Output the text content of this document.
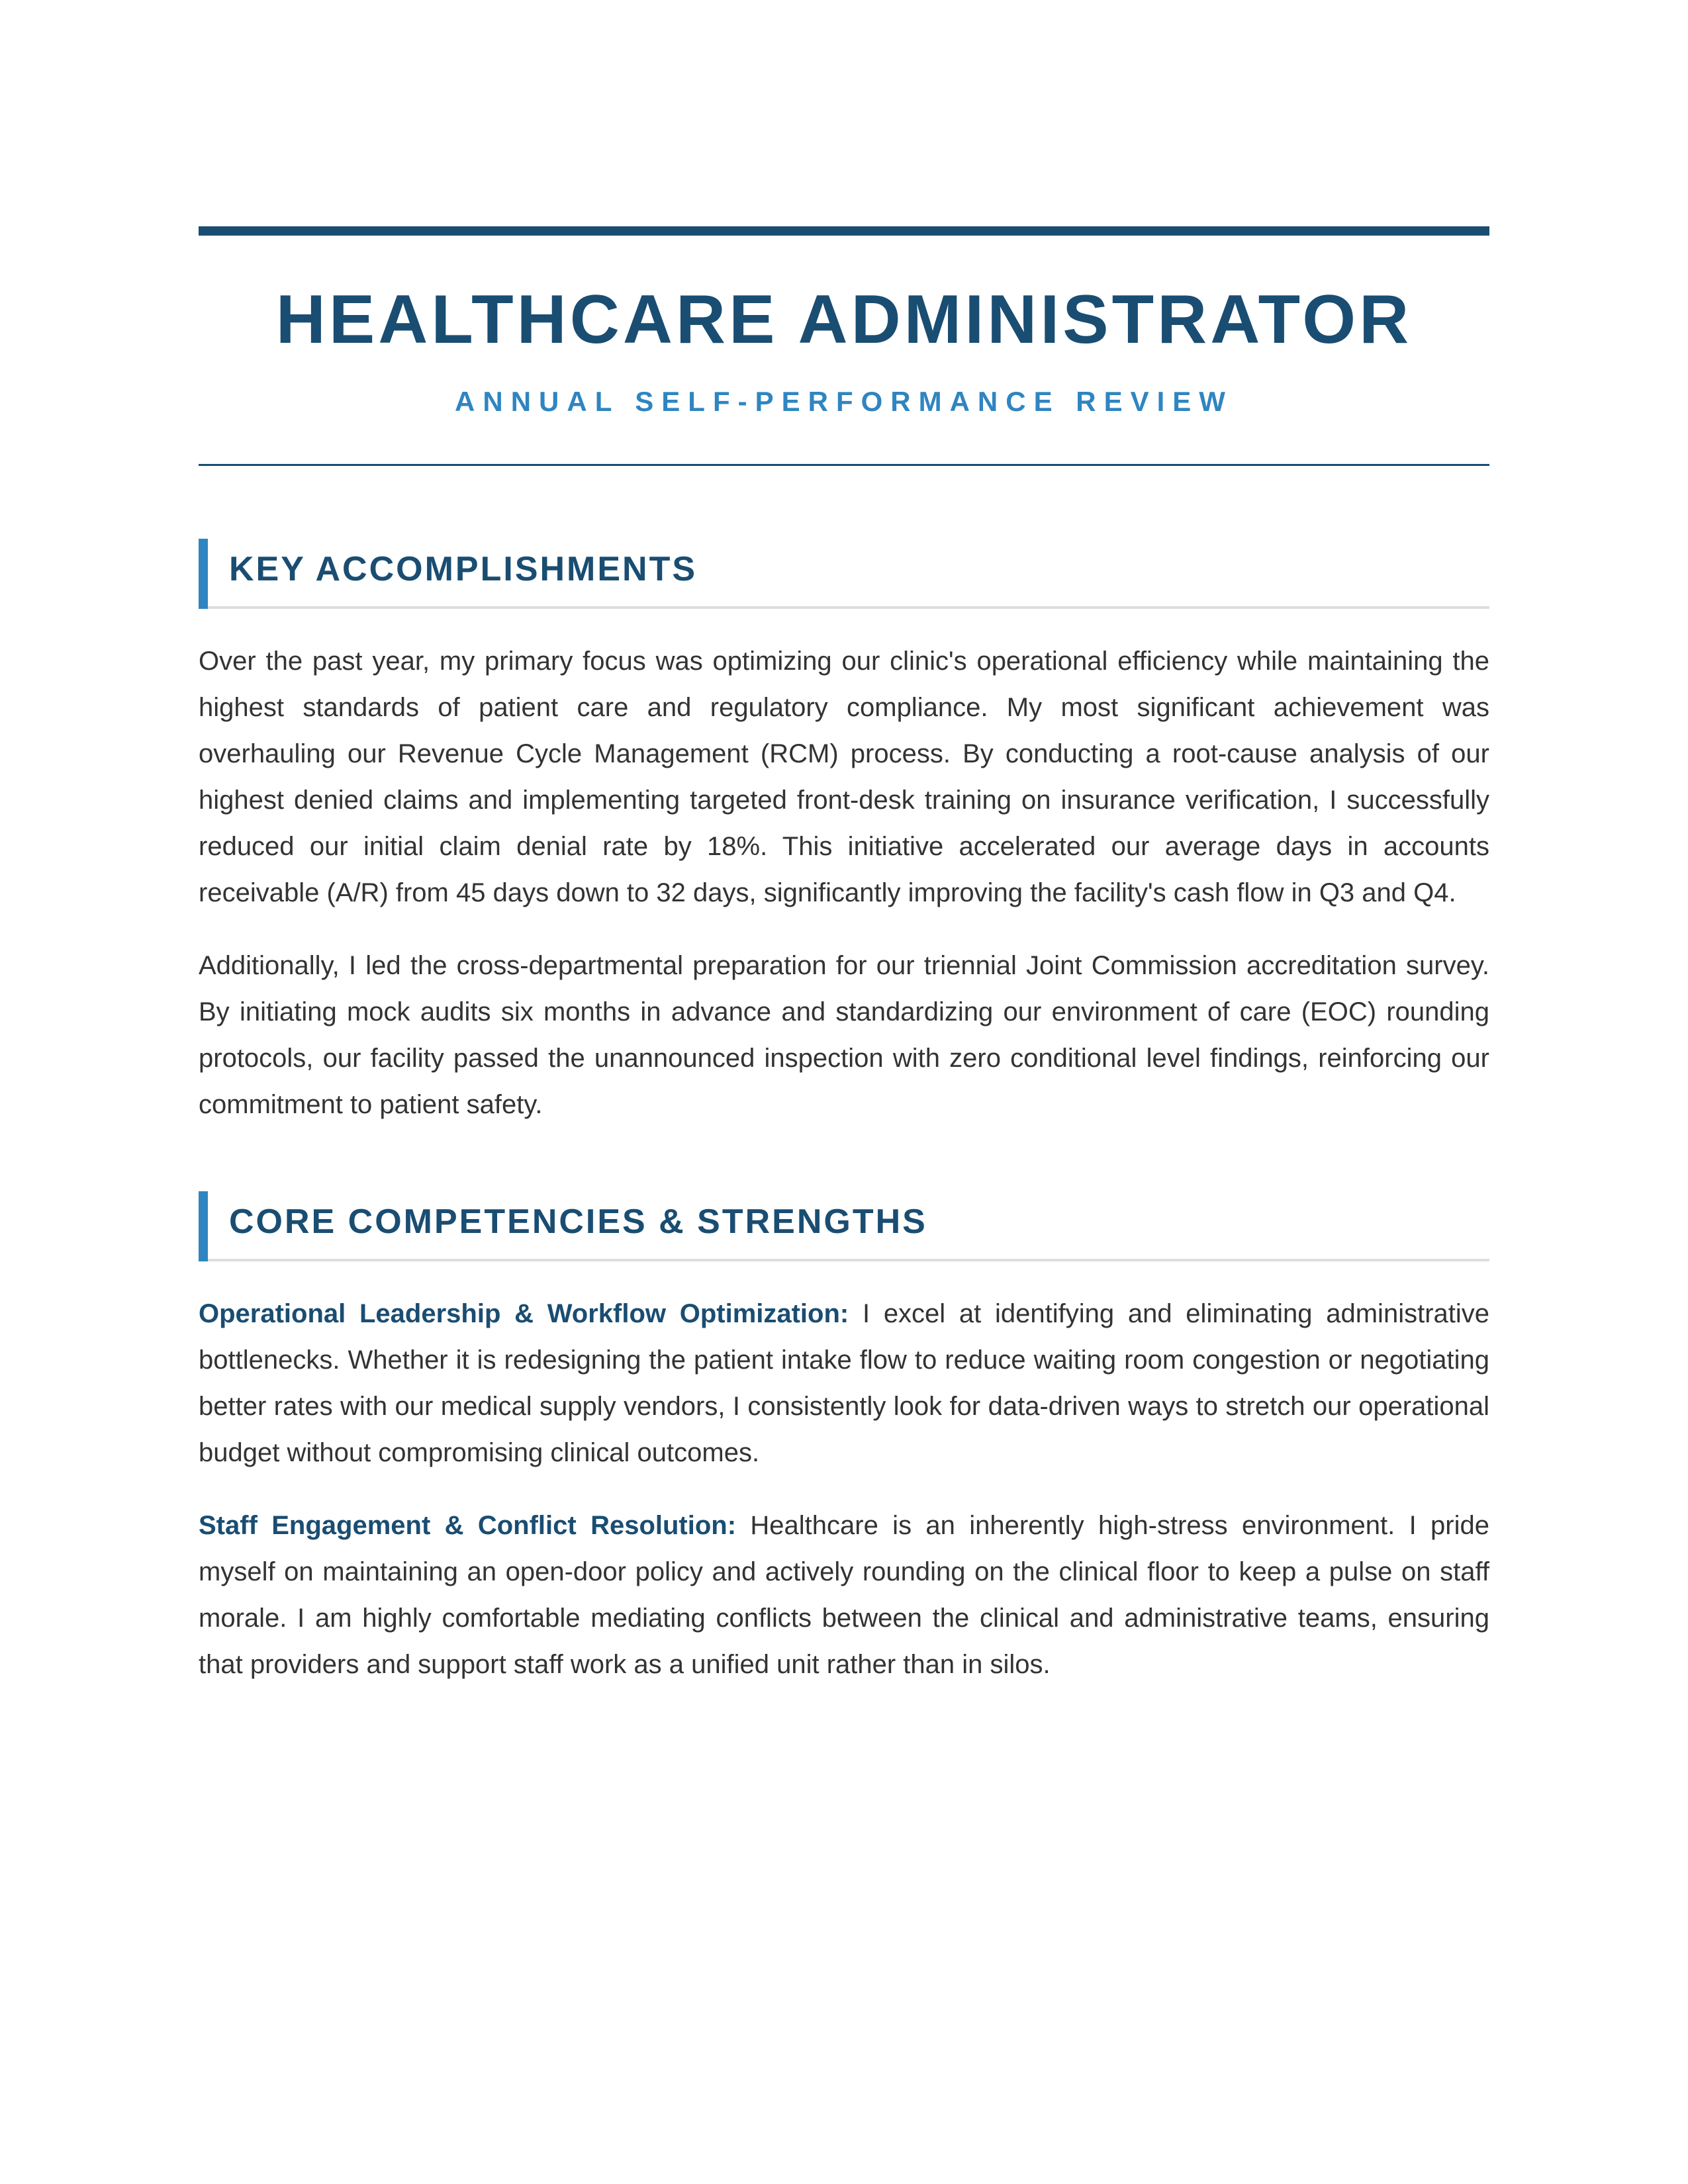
HEALTHCARE ADMINISTRATOR
ANNUAL SELF-PERFORMANCE REVIEW
KEY ACCOMPLISHMENTS

Over the past year, my primary focus was optimizing our clinic's operational efficiency while maintaining the highest standards of patient care and regulatory compliance. My most significant achievement was overhauling our Revenue Cycle Management (RCM) process. By conducting a root-cause analysis of our highest denied claims and implementing targeted front-desk training on insurance verification, I successfully reduced our initial claim denial rate by 18%. This initiative accelerated our average days in accounts receivable (A/R) from 45 days down to 32 days, significantly improving the facility's cash flow in Q3 and Q4.

Additionally, I led the cross-departmental preparation for our triennial Joint Commission accreditation survey. By initiating mock audits six months in advance and standardizing our environment of care (EOC) rounding protocols, our facility passed the unannounced inspection with zero conditional level findings, reinforcing our commitment to patient safety.

CORE COMPETENCIES & STRENGTHS

Operational Leadership & Workflow Optimization: I excel at identifying and eliminating administrative bottlenecks. Whether it is redesigning the patient intake flow to reduce waiting room congestion or negotiating better rates with our medical supply vendors, I consistently look for data-driven ways to stretch our operational budget without compromising clinical outcomes.

Staff Engagement & Conflict Resolution: Healthcare is an inherently high-stress environment. I pride myself on maintaining an open-door policy and actively rounding on the clinical floor to keep a pulse on staff morale. I am highly comfortable mediating conflicts between the clinical and administrative teams, ensuring that providers and support staff work as a unified unit rather than in silos.
